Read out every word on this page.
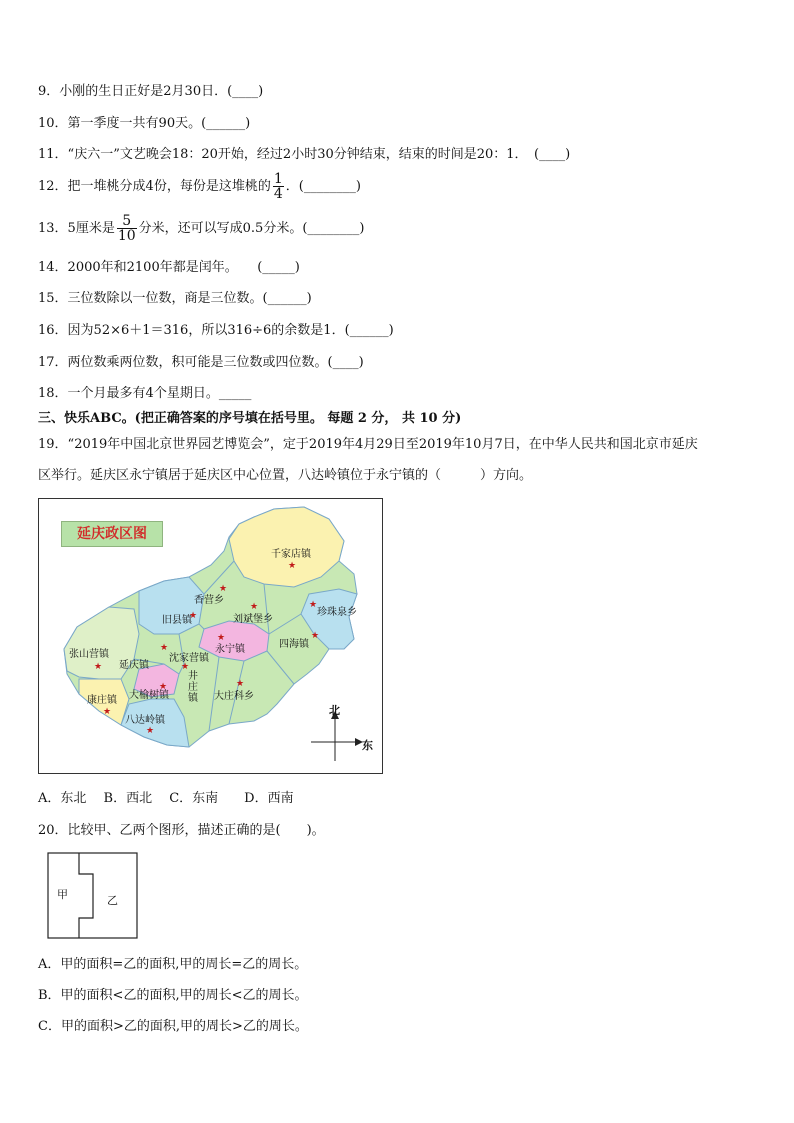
9．小刚的生日正好是2月30日．(____)
10．第一季度一共有90天。(______)
11．“庆六一”文艺晚会18：20开始，经过2小时30分钟结束，结束的时间是20：1．　(____)
12．把一堆桃分成4份，每份是这堆桃的 $\frac{1}{4}$ ．(________)
13．5厘米是 $\frac{5}{10}$ 分米，还可以写成0.5分米。(________)
14．2000年和2100年都是闰年。　　(_____)
15．三位数除以一位数，商是三位数。(______)
16．因为52×6＋1＝316，所以316÷6的余数是1．(______)
17．两位数乘两位数，积可能是三位数或四位数。(____)
18．一个月最多有4个星期日。_____
三、快乐ABC。(把正确答案的序号填在括号里。 每题 2 分， 共 10 分)
19．“2019年中国北京世界园艺博览会”，定于2019年4月29日至2019年10月7日，在中华人民共和国北京市延庆
区举行。延庆区永宁镇居于延庆区中心位置，八达岭镇位于永宁镇的（　　　）方向。
延庆政区图
千家店镇
★
香营乡
★
刘斌堡乡
★	珍珠泉乡
★
旧县镇
★
四海镇
★
永宁镇
★
张山营镇
★ 延庆镇
★
沈家营镇
★
井庄镇
大榆树镇
★
康庄镇
★
大庄科乡
★
八达岭镇
★
北
东
A．东北　 B．西北　 C．东南　　D．西南
20．比较甲、乙两个图形，描述正确的是(　　)。
甲	乙
A．甲的面积=乙的面积,甲的周长=乙的周长。
B．甲的面积<乙的面积,甲的周长<乙的周长。
C．甲的面积>乙的面积,甲的周长>乙的周长。
